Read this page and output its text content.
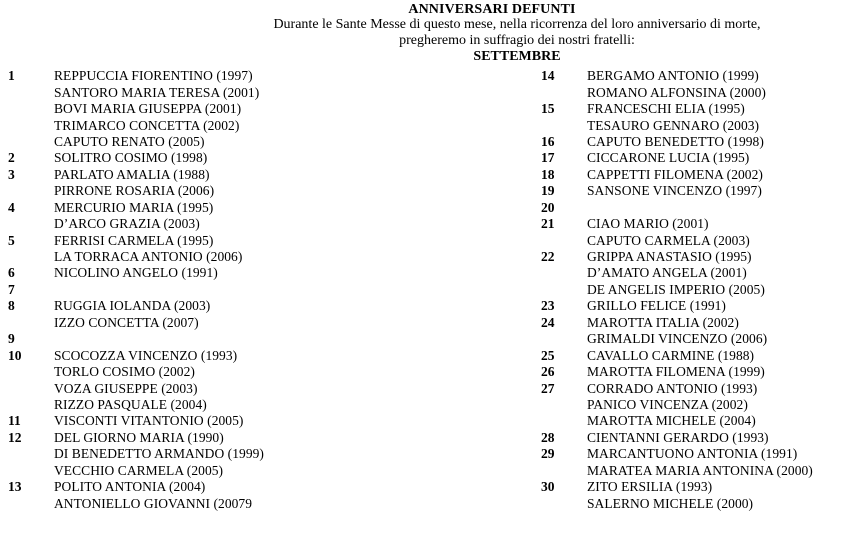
ANNIVERSARI DEFUNTI
Durante le Sante Messe di questo mese, nella ricorrenza del loro anniversario di morte,
pregheremo in suffragio dei nostri fratelli:
SETTEMBRE
1	REPPUCCIA FIORENTINO (1997)
SANTORO MARIA TERESA (2001)
BOVI MARIA GIUSEPPA (2001)
TRIMARCO CONCETTA (2002)
CAPUTO RENATO (2005)
2	SOLITRO COSIMO (1998)
3	PARLATO AMALIA (1988)
PIRRONE ROSARIA (2006)
4	MERCURIO MARIA (1995)
D’ARCO GRAZIA (2003)
5	FERRISI CARMELA (1995)
LA TORRACA ANTONIO (2006)
6	NICOLINO ANGELO (1991)
7
8	RUGGIA IOLANDA (2003)
IZZO CONCETTA (2007)
9
10	SCOCOZZA VINCENZO (1993)
TORLO COSIMO (2002)
VOZA GIUSEPPE (2003)
RIZZO PASQUALE (2004)
11	VISCONTI VITANTONIO (2005)
12	DEL GIORNO MARIA (1990)
DI BENEDETTO ARMANDO (1999)
VECCHIO CARMELA (2005)
13	POLITO ANTONIA (2004)
ANTONIELLO GIOVANNI (20079
14	BERGAMO ANTONIO (1999)
ROMANO ALFONSINA (2000)
15	FRANCESCHI ELIA (1995)
TESAURO GENNARO (2003)
16	CAPUTO BENEDETTO (1998)
17	CICCARONE LUCIA (1995)
18	CAPPETTI FILOMENA (2002)
19	SANSONE VINCENZO (1997)
20
21	CIAO MARIO (2001)
CAPUTO CARMELA (2003)
22	GRIPPA ANASTASIO (1995)
D’AMATO ANGELA (2001)
DE ANGELIS IMPERIO (2005)
23	GRILLO FELICE (1991)
24	MAROTTA ITALIA (2002)
GRIMALDI VINCENZO (2006)
25	CAVALLO CARMINE (1988)
26	MAROTTA FILOMENA (1999)
27	CORRADO ANTONIO (1993)
PANICO VINCENZA (2002)
MAROTTA MICHELE (2004)
28	CIENTANNI GERARDO (1993)
29	MARCANTUONO ANTONIA (1991)
MARATEA MARIA ANTONINA (2000)
30	ZITO ERSILIA (1993)
SALERNO MICHELE (2000)
